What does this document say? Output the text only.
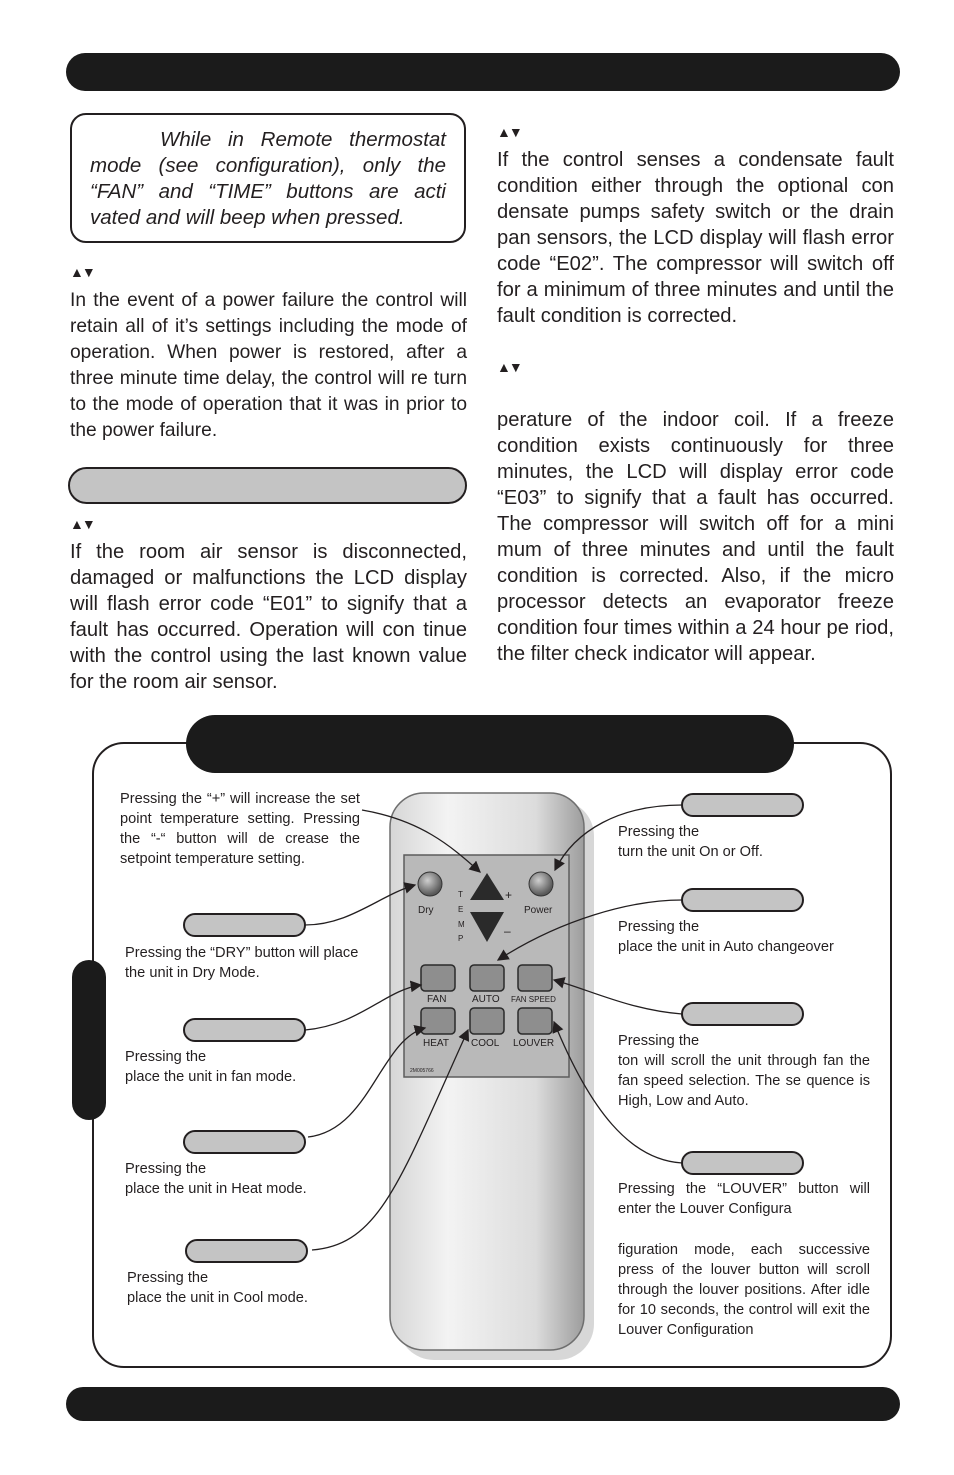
While in Remote thermostat mode (see configuration), only the “FAN” and “TIME” buttons are acti vated and will beep when pressed.

▲▼

In the event of a power failure the control will retain all of it’s settings including the mode of operation. When power is restored, after a three minute time delay, the control will re turn to the mode of operation that it was in prior to the power failure.

▲▼

If the room air sensor is disconnected, damaged or malfunctions the LCD display will flash error code “E01” to signify that a fault has occurred. Operation will con tinue with the control using the last known value for the room air sensor.

▲▼

If the control senses a condensate fault condition either through the optional con densate pumps safety switch or the drain pan sensors, the LCD display will flash error code “E02”. The compressor will switch off for a minimum of three minutes and until the fault condition is corrected.

▲▼

perature of the indoor coil. If a freeze condition exists continuously for three minutes, the LCD will display error code “E03” to signify that a fault has occurred. The compressor will switch off for a mini mum of three minutes and until the fault condition is corrected. Also, if the micro processor detects an evaporator freeze condition four times within a 24 hour pe riod, the filter check indicator will appear.

Dry	Power
T
E
M
P
+
–
FAN	AUTO FAN SPEED
HEAT COOL LOUVER
2M005766

Pressing the “+” will increase the set point temperature setting. Pressing the “-“ button will de crease the setpoint temperature setting.

Pressing the “DRY” button will place the unit in Dry Mode.

Pressing the

place the unit in fan mode.

Pressing the

place the unit in Heat mode.

Pressing the

place the unit in Cool mode.

Pressing the

turn the unit On or Off.

Pressing the

place the unit in Auto changeover

Pressing the

ton will scroll the unit through fan the fan speed selection. The se quence is High, Low and Auto.

Pressing the “LOUVER” button will enter the Louver Configura

figuration mode, each successive press of the louver button will scroll through the louver positions. After idle for 10 seconds, the control will exit the Louver Configuration
